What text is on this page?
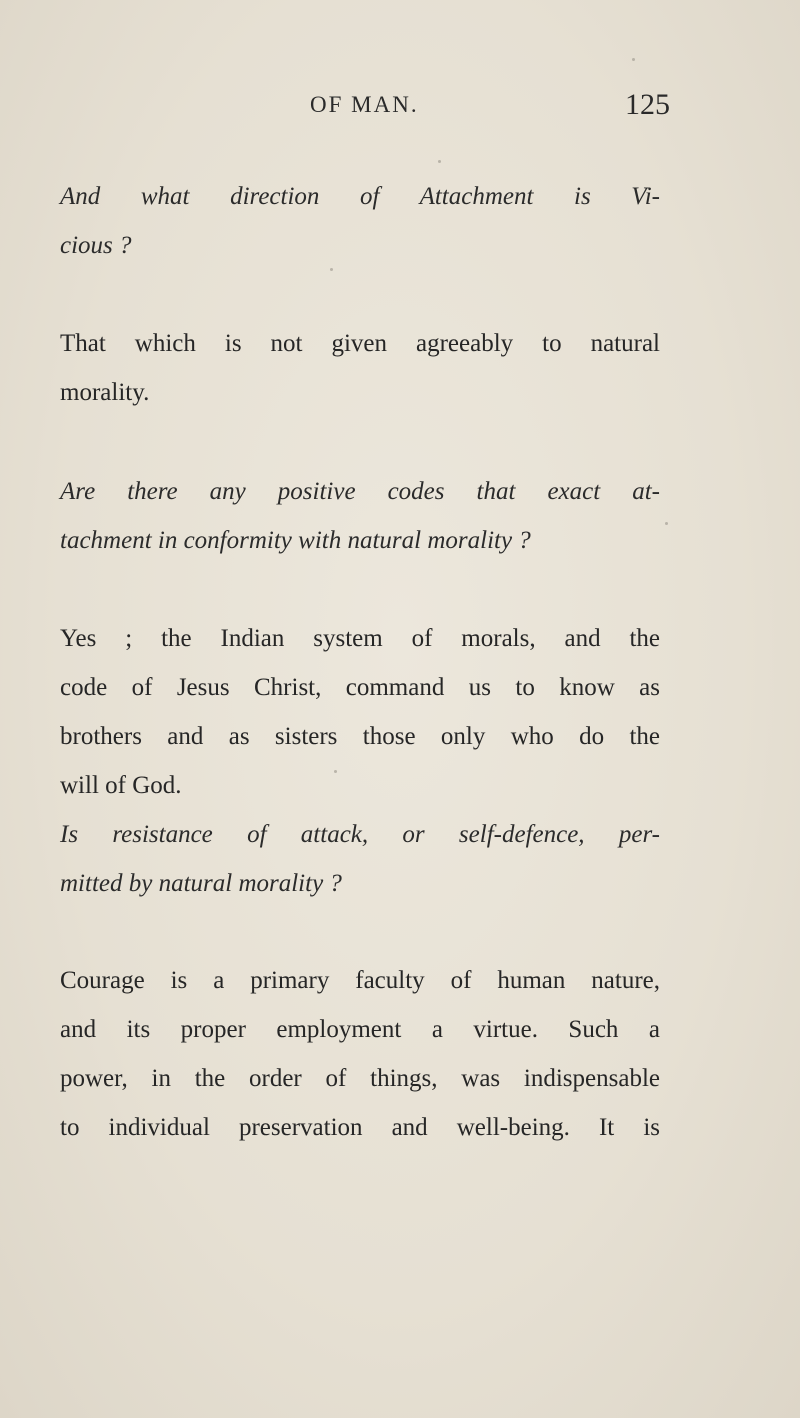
OF MAN.	125

And what direction of Attachment is Vi-
cious ?

That which is not given agreeably to natural
morality.

Are there any positive codes that exact at-
tachment in conformity with natural morality ?

Yes ; the Indian system of morals, and the
code of Jesus Christ, command us to know as
brothers and as sisters those only who do the
will of God.

Is resistance of attack, or self-defence, per-
mitted by natural morality ?

Courage is a primary faculty of human nature,
and its proper employment a virtue. Such a
power, in the order of things, was indispensable
to individual preservation and well-being. It is
